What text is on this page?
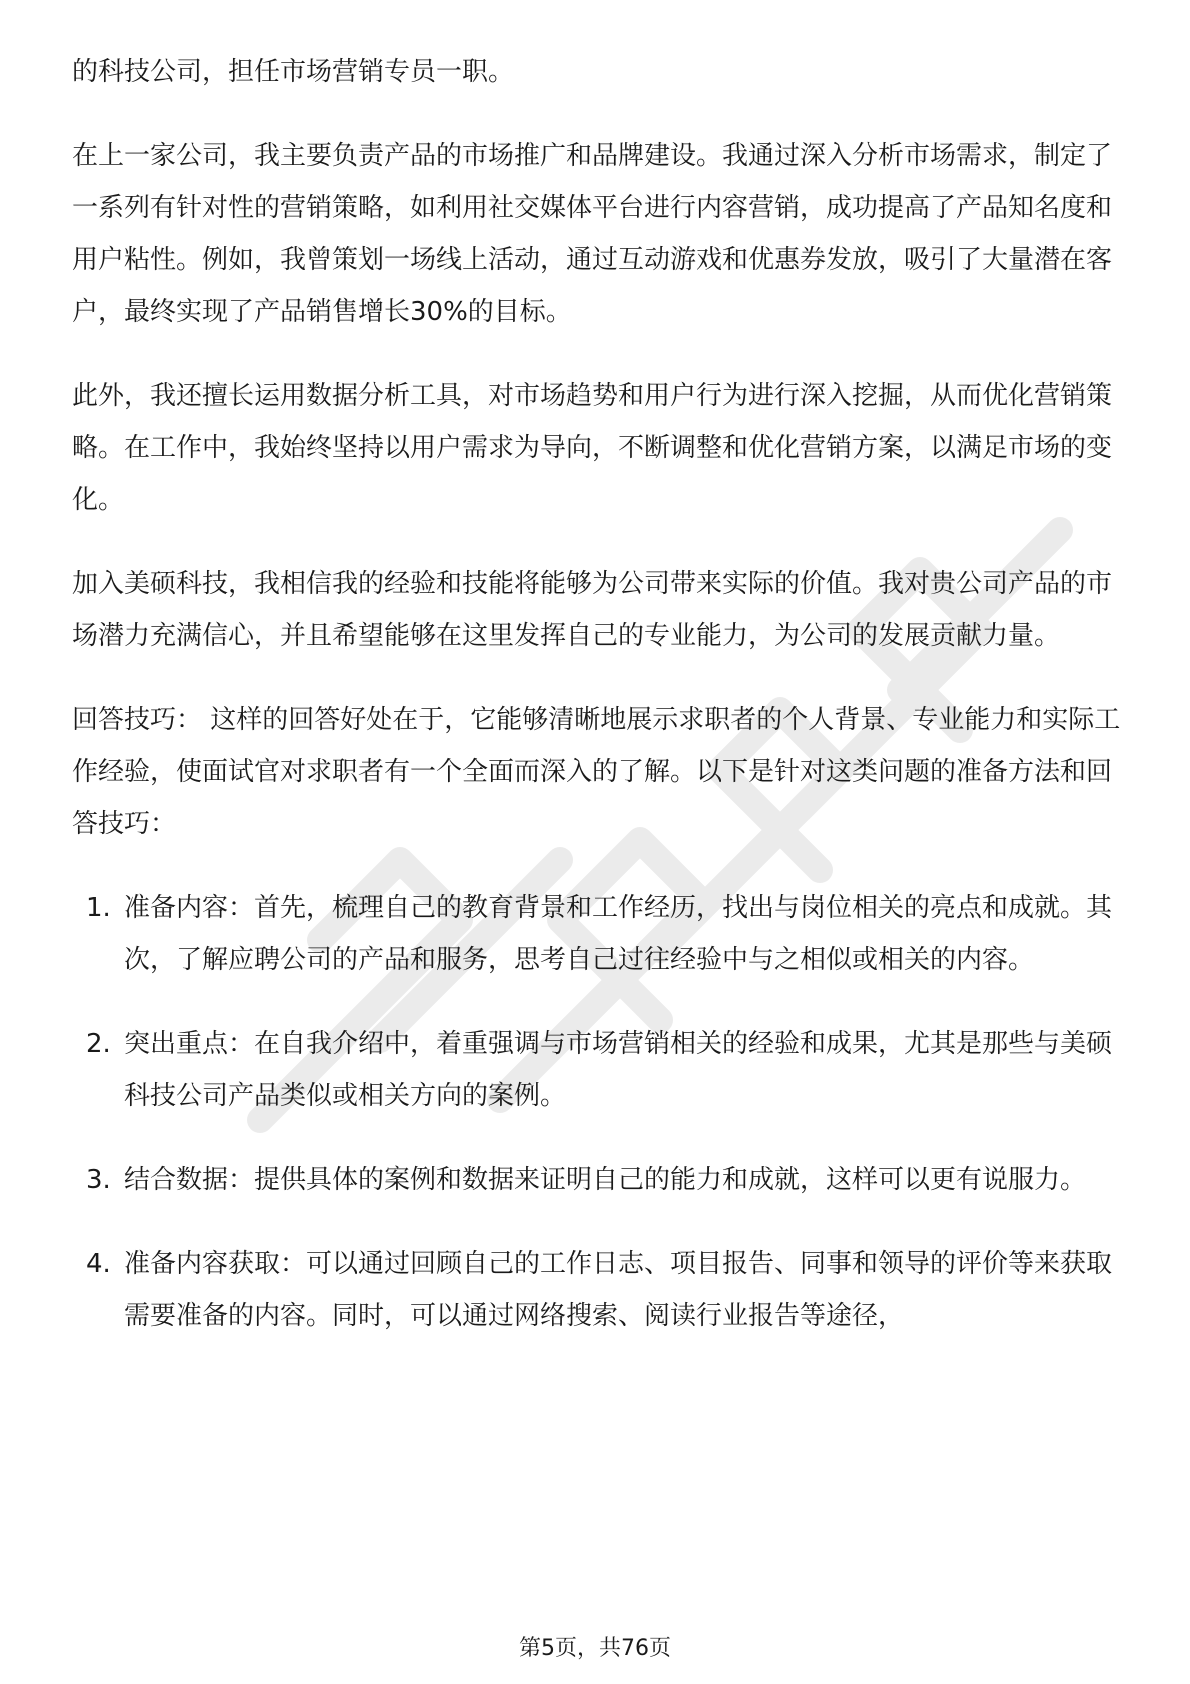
的科技公司，担任市场营销专员一职。

在上一家公司，我主要负责产品的市场推广和品牌建设。我通过深入分析市场需求，制定了一系列有针对性的营销策略，如利用社交媒体平台进行内容营销，成功提高了产品知名度和用户粘性。例如，我曾策划一场线上活动，通过互动游戏和优惠券发放，吸引了大量潜在客户，最终实现了产品销售增长30%的目标。

此外，我还擅长运用数据分析工具，对市场趋势和用户行为进行深入挖掘，从而优化营销策略。在工作中，我始终坚持以用户需求为导向，不断调整和优化营销方案，以满足市场的变化。

加入美硕科技，我相信我的经验和技能将能够为公司带来实际的价值。我对贵公司产品的市场潜力充满信心，并且希望能够在这里发挥自己的专业能力，为公司的发展贡献力量。

回答技巧： 这样的回答好处在于，它能够清晰地展示求职者的个人背景、专业能力和实际工作经验，使面试官对求职者有一个全面而深入的了解。以下是针对这类问题的准备方法和回答技巧：

1. 准备内容：首先，梳理自己的教育背景和工作经历，找出与岗位相关的亮点和成就。其次，了解应聘公司的产品和服务，思考自己过往经验中与之相似或相关的内容。
2. 突出重点：在自我介绍中，着重强调与市场营销相关的经验和成果，尤其是那些与美硕科技公司产品类似或相关方向的案例。
3. 结合数据：提供具体的案例和数据来证明自己的能力和成就，这样可以更有说服力。
4. 准备内容获取：可以通过回顾自己的工作日志、项目报告、同事和领导的评价等来获取需要准备的内容。同时，可以通过网络搜索、阅读行业报告等途径，
第5页，共76页
